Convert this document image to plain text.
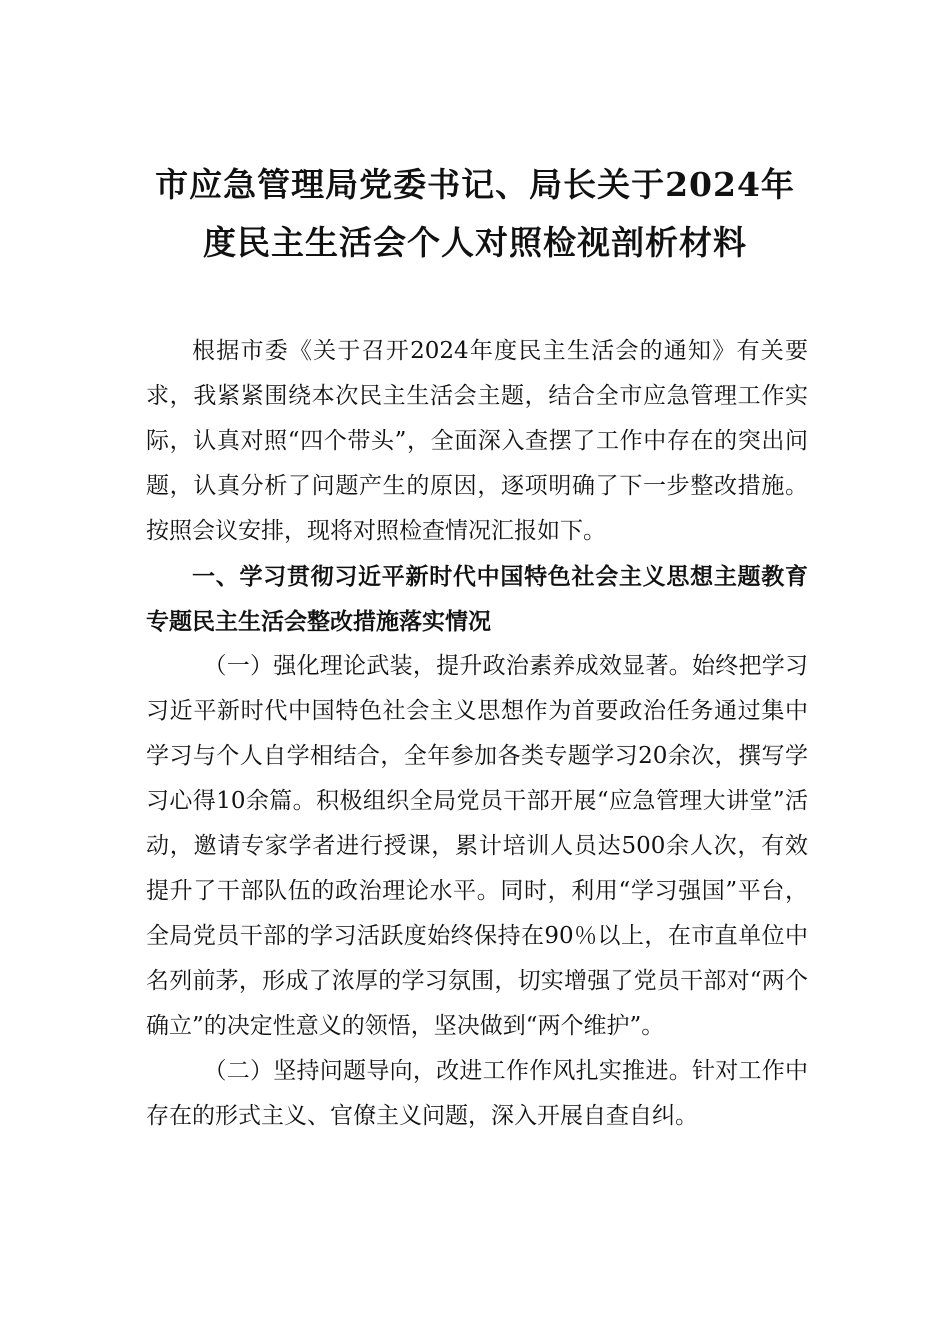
市应急管理局党委书记、局长关于2024年
度民主生活会个人对照检视剖析材料

根据市委《关于召开2024年度民主生活会的通知》有关要求，我紧紧围绕本次民主生活会主题，结合全市应急管理工作实际，认真对照“四个带头”，全面深入查摆了工作中存在的突出问题，认真分析了问题产生的原因，逐项明确了下一步整改措施。按照会议安排，现将对照检查情况汇报如下。

一、学习贯彻习近平新时代中国特色社会主义思想主题教育专题民主生活会整改措施落实情况

（一）强化理论武装，提升政治素养成效显著。始终把学习习近平新时代中国特色社会主义思想作为首要政治任务通过集中学习与个人自学相结合，全年参加各类专题学习20余次，撰写学习心得10余篇。积极组织全局党员干部开展“应急管理大讲堂”活动，邀请专家学者进行授课，累计培训人员达500余人次，有效提升了干部队伍的政治理论水平。同时，利用“学习强国”平台，全局党员干部的学习活跃度始终保持在90％以上，在市直单位中名列前茅，形成了浓厚的学习氛围，切实增强了党员干部对“两个确立”的决定性意义的领悟，坚决做到“两个维护”。

（二）坚持问题导向，改进工作作风扎实推进。针对工作中存在的形式主义、官僚主义问题，深入开展自查自纠。
